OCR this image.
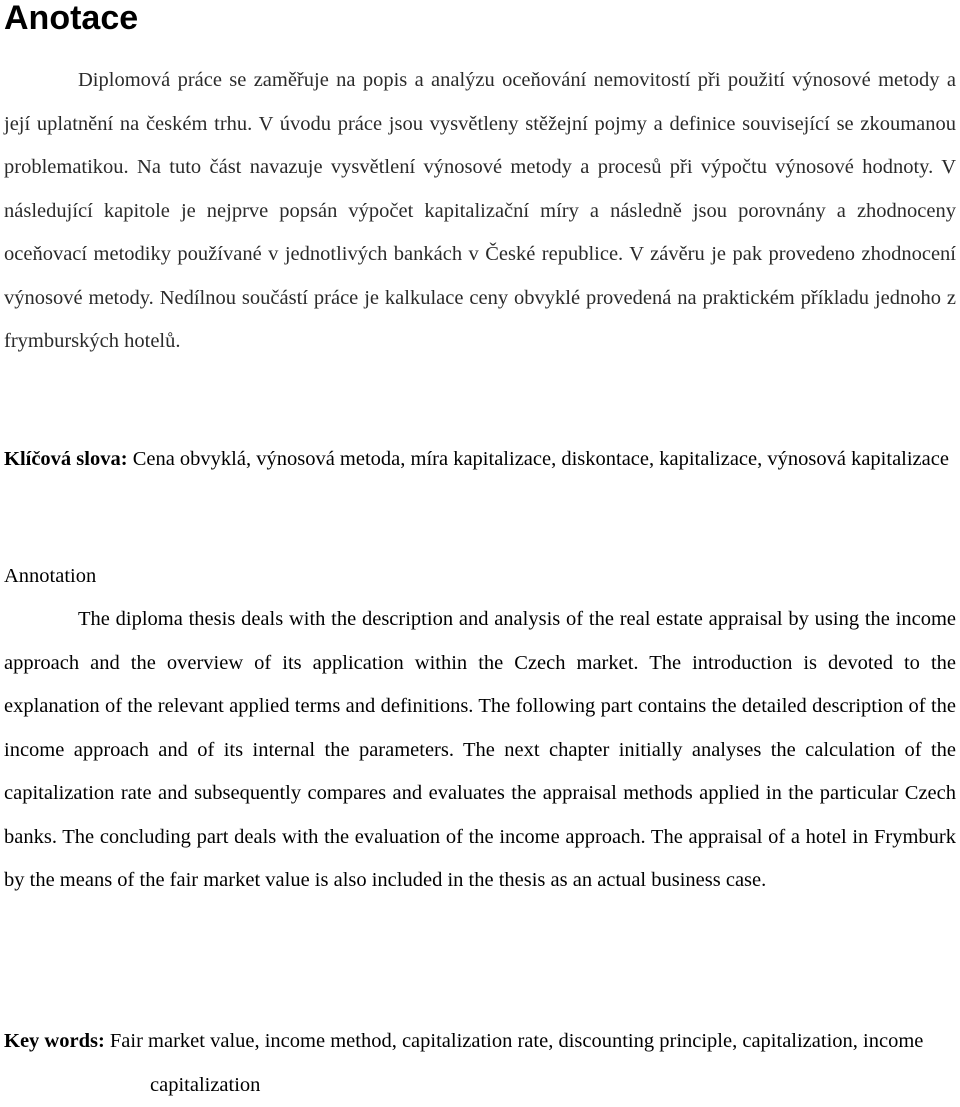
Anotace

Diplomová práce se zaměřuje na popis a analýzu oceňování nemovitostí při použití výnosové metody a její uplatnění na českém trhu. V úvodu práce jsou vysvětleny stěžejní pojmy a definice související se zkoumanou problematikou. Na tuto část navazuje vysvětlení výnosové metody a procesů při výpočtu výnosové hodnoty. V následující kapitole je nejprve popsán výpočet kapitalizační míry a následně jsou porovnány a zhodnoceny oceňovací metodiky používané v jednotlivých bankách v České republice. V závěru je pak provedeno zhodnocení výnosové metody. Nedílnou součástí práce je kalkulace ceny obvyklé provedená na praktickém příkladu jednoho z frymburských hotelů.

Klíčová slova: Cena obvyklá, výnosová metoda, míra kapitalizace, diskontace, kapitalizace, výnosová kapitalizace

Annotation

The diploma thesis deals with the description and analysis of the real estate appraisal by using the income approach and the overview of its application within the Czech market. The introduction is devoted to the explanation of the relevant applied terms and definitions. The following part contains the detailed description of the income approach and of its internal the parameters. The next chapter initially analyses the calculation of the capitalization rate and subsequently compares and evaluates the appraisal methods applied in the particular Czech banks. The concluding part deals with the evaluation of the income approach. The appraisal of a hotel in Frymburk by the means of the fair market value is also included in the thesis as an actual business case.

Key words: Fair market value, income method, capitalization rate, discounting principle, capitalization, income capitalization
